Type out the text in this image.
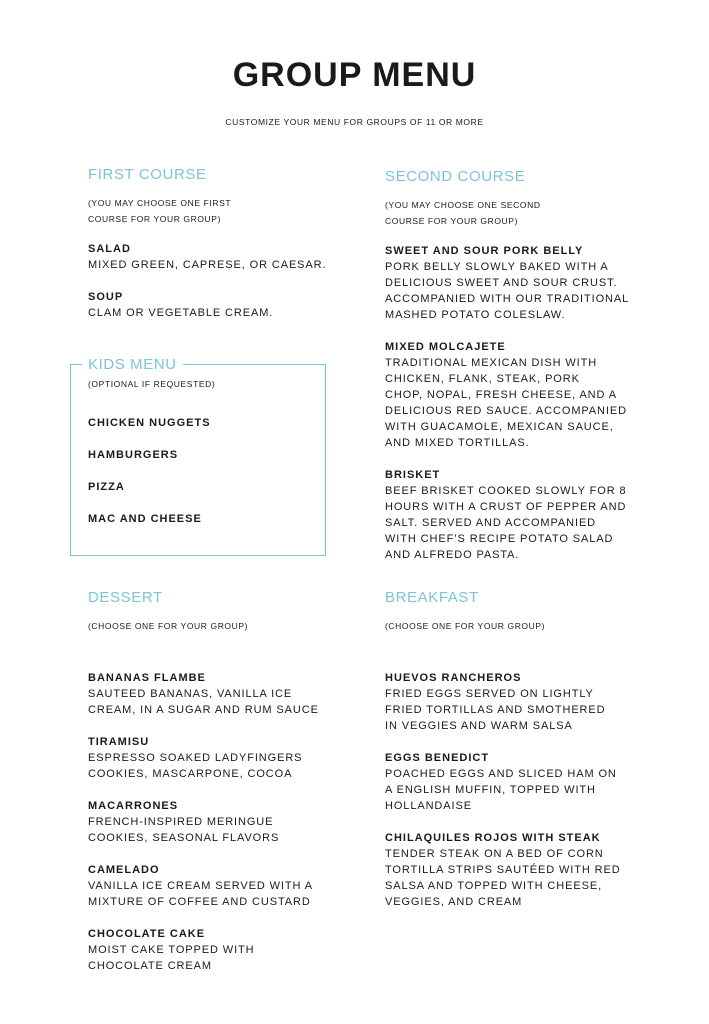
GROUP MENU
CUSTOMIZE YOUR MENU FOR GROUPS OF 11 OR MORE
FIRST COURSE
(YOU MAY CHOOSE ONE FIRST
COURSE FOR YOUR GROUP)
SALAD
MIXED GREEN, CAPRESE, OR CAESAR.
SOUP
CLAM OR VEGETABLE CREAM.
SECOND COURSE
(YOU MAY CHOOSE ONE SECOND
COURSE FOR YOUR GROUP)
SWEET AND SOUR PORK BELLY
PORK BELLY SLOWLY BAKED WITH A
DELICIOUS SWEET AND SOUR CRUST.
ACCOMPANIED WITH OUR TRADITIONAL
MASHED POTATO COLESLAW.
MIXED MOLCAJETE
TRADITIONAL MEXICAN DISH WITH
CHICKEN, FLANK, STEAK, PORK
CHOP, NOPAL, FRESH CHEESE, AND A
DELICIOUS RED SAUCE. ACCOMPANIED
WITH GUACAMOLE, MEXICAN SAUCE,
AND MIXED TORTILLAS.
BRISKET
BEEF BRISKET COOKED SLOWLY FOR 8
HOURS WITH A CRUST OF PEPPER AND
SALT. SERVED AND ACCOMPANIED
WITH CHEF’S RECIPE POTATO SALAD
AND ALFREDO PASTA.
KIDS MENU
(OPTIONAL IF REQUESTED)
CHICKEN NUGGETS
HAMBURGERS
PIZZA
MAC AND CHEESE
DESSERT
(CHOOSE ONE FOR YOUR GROUP)
BANANAS FLAMBE
SAUTEED BANANAS, VANILLA ICE
CREAM, IN A SUGAR AND RUM SAUCE
TIRAMISU
ESPRESSO SOAKED LADYFINGERS
COOKIES, MASCARPONE, COCOA
MACARRONES
FRENCH-INSPIRED MERINGUE
COOKIES, SEASONAL FLAVORS
CAMELADO
VANILLA ICE CREAM SERVED WITH A
MIXTURE OF COFFEE AND CUSTARD
CHOCOLATE CAKE
MOIST CAKE TOPPED WITH
CHOCOLATE CREAM
BREAKFAST
(CHOOSE ONE FOR YOUR GROUP)
HUEVOS RANCHEROS
FRIED EGGS SERVED ON LIGHTLY
FRIED TORTILLAS AND SMOTHERED
IN VEGGIES AND WARM SALSA
EGGS BENEDICT
POACHED EGGS AND SLICED HAM ON
A ENGLISH MUFFIN, TOPPED WITH
HOLLANDAISE
CHILAQUILES ROJOS WITH STEAK
TENDER STEAK ON A BED OF CORN
TORTILLA STRIPS SAUTÉED WITH RED
SALSA AND TOPPED WITH CHEESE,
VEGGIES, AND CREAM
